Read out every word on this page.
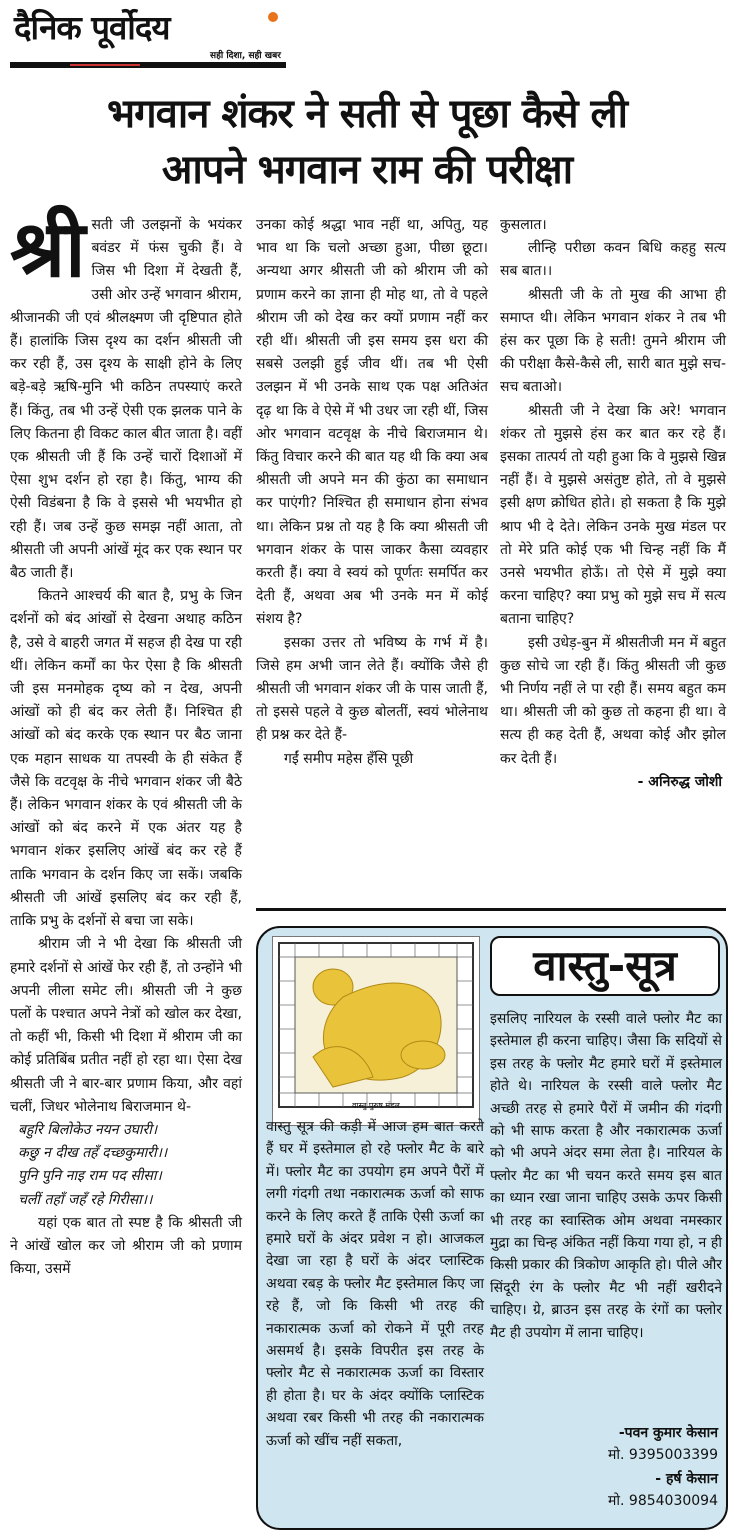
दैनिक पूर्वोदय
सही दिशा, सही खबर
भगवान शंकर ने सती से पूछा कैसे ली
आपने भगवान राम की परीक्षा
श्री सती जी उलझनों के भयंकर बवंडर में फंस चुकी हैं। वे जिस भी दिशा में देखती हैं, उसी ओर उन्हें भगवान श्रीराम, श्रीजानकी जी एवं श्रीलक्ष्मण जी दृष्टिपात होते हैं। हालांकि जिस दृश्य का दर्शन श्रीसती जी कर रही हैं, उस दृश्य के साक्षी होने के लिए बड़े-बड़े ऋषि-मुनि भी कठिन तपस्याएं करते हैं। किंतु, तब भी उन्हें ऐसी एक झलक पाने के लिए कितना ही विकट काल बीत जाता है। वहीं एक श्रीसती जी हैं कि उन्हें चारों दिशाओं में ऐसा शुभ दर्शन हो रहा है। किंतु, भाग्य की ऐसी विडंबना है कि वे इससे भी भयभीत हो रही हैं। जब उन्हें कुछ समझ नहीं आता, तो श्रीसती जी अपनी आंखें मूंद कर एक स्थान पर बैठ जाती हैं।

कितने आश्चर्य की बात है, प्रभु के जिन दर्शनों को बंद आंखों से देखना अथाह कठिन है, उसे वे बाहरी जगत में सहज ही देख पा रही थीं। लेकिन कर्मों का फेर ऐसा है कि श्रीसती जी इस मनमोहक दृष्य को न देख, अपनी आंखों को ही बंद कर लेती हैं। निश्चित ही आंखों को बंद करके एक स्थान पर बैठ जाना एक महान साधक या तपस्वी के ही संकेत हैं जैसे कि वटवृक्ष के नीचे भगवान शंकर जी बैठे हैं। लेकिन भगवान शंकर के एवं श्रीसती जी के आंखों को बंद करने में एक अंतर यह है भगवान शंकर इसलिए आंखें बंद कर रहे हैं ताकि भगवान के दर्शन किए जा सकें। जबकि श्रीसती जी आंखें इसलिए बंद कर रही हैं, ताकि प्रभु के दर्शनों से बचा जा सके।

श्रीराम जी ने भी देखा कि श्रीसती जी हमारे दर्शनों से आंखें फेर रही हैं, तो उन्होंने भी अपनी लीला समेट ली। श्रीसती जी ने कुछ पलों के पश्चात अपने नेत्रों को खोल कर देखा, तो कहीं भी, किसी भी दिशा में श्रीराम जी का कोई प्रतिबिंब प्रतीत नहीं हो रहा था। ऐसा देख श्रीसती जी ने बार-बार प्रणाम किया, और वहां चलीं, जिधर भोलेनाथ बिराजमान थे-

बहुरि बिलोकेउ नयन उघारी।

कछु न दीख तहँ दच्छकुमारी।।

पुनि पुनि नाइ राम पद सीसा।

चलीं तहाँ जहँ रहे गिरीसा।।

यहां एक बात तो स्पष्ट है कि श्रीसती जी ने आंखें खोल कर जो श्रीराम जी को प्रणाम किया, उसमें

उनका कोई श्रद्धा भाव नहीं था, अपितु, यह भाव था कि चलो अच्छा हुआ, पीछा छूटा। अन्यथा अगर श्रीसती जी को श्रीराम जी को प्रणाम करने का ज्ञाना ही मोह था, तो वे पहले श्रीराम जी को देख कर क्यों प्रणाम नहीं कर रही थीं। श्रीसती जी इस समय इस धरा की सबसे उलझी हुई जीव थीं। तब भी ऐसी उलझन में भी उनके साथ एक पक्ष अतिअंत दृढ़ था कि वे ऐसे में भी उधर जा रही थीं, जिस ओर भगवान वटवृक्ष के नीचे बिराजमान थे। किंतु विचार करने की बात यह थी कि क्या अब श्रीसती जी अपने मन की कुंठा का समाधान कर पाएंगी? निश्चित ही समाधान होना संभव था। लेकिन प्रश्न तो यह है कि क्या श्रीसती जी भगवान शंकर के पास जाकर कैसा व्यवहार करती हैं। क्या वे स्वयं को पूर्णतः समर्पित कर देती हैं, अथवा अब भी उनके मन में कोई संशय है?

इसका उत्तर तो भविष्य के गर्भ में है। जिसे हम अभी जान लेते हैं। क्योंकि जैसे ही श्रीसती जी भगवान शंकर जी के पास जाती हैं, तो इससे पहले वे कुछ बोलतीं, स्वयं भोलेनाथ ही प्रश्न कर देते हैं-

गईं समीप महेस हँसि पूछी

कुसलात।

लीन्हि परीछा कवन बिधि कहहु सत्य सब बात।।

श्रीसती जी के तो मुख की आभा ही समाप्त थी। लेकिन भगवान शंकर ने तब भी हंस कर पूछा कि हे सती! तुमने श्रीराम जी की परीक्षा कैसे-कैसे ली, सारी बात मुझे सच-सच बताओ।

श्रीसती जी ने देखा कि अरे! भगवान शंकर तो मुझसे हंस कर बात कर रहे हैं। इसका तात्पर्य तो यही हुआ कि वे मुझसे खिन्न नहीं हैं। वे मुझसे असंतुष्ट होते, तो वे मुझसे इसी क्षण क्रोधित होते। हो सकता है कि मुझे श्राप भी दे देते। लेकिन उनके मुख मंडल पर तो मेरे प्रति कोई एक भी चिन्ह नहीं कि मैं उनसे भयभीत होऊँ। तो ऐसे में मुझे क्या करना चाहिए? क्या प्रभु को मुझे सच में सत्य बताना चाहिए?

इसी उधेड़-बुन में श्रीसतीजी मन में बहुत कुछ सोचे जा रही हैं। किंतु श्रीसती जी कुछ भी निर्णय नहीं ले पा रही हैं। समय बहुत कम था। श्रीसती जी को कुछ तो कहना ही था। वे सत्य ही कह देती हैं, अथवा कोई और झोल कर देती हैं।

- अनिरुद्ध जोशी

वास्तु पुरुष मंडल
वास्तु-सूत्र
वास्तु सूत्र की कड़ी में आज हम बात करते हैं घर में इस्तेमाल हो रहे फ्लोर मैट के बारे में। फ्लोर मैट का उपयोग हम अपने पैरों में लगी गंदगी तथा नकारात्मक ऊर्जा को साफ करने के लिए करते हैं ताकि ऐसी ऊर्जा का हमारे घरों के अंदर प्रवेश न हो। आजकल देखा जा रहा है घरों के अंदर प्लास्टिक अथवा रबड़ के फ्लोर मैट इस्तेमाल किए जा रहे हैं, जो कि किसी भी तरह की नकारात्मक ऊर्जा को रोकने में पूरी तरह असमर्थ है। इसके विपरीत इस तरह के फ्लोर मैट से नकारात्मक ऊर्जा का विस्तार ही होता है। घर के अंदर क्योंकि प्लास्टिक अथवा रबर किसी भी तरह की नकारात्मक ऊर्जा को खींच नहीं सकता,
इसलिए नारियल के रस्सी वाले फ्लोर मैट का इस्तेमाल ही करना चाहिए। जैसा कि सदियों से इस तरह के फ्लोर मैट हमारे घरों में इस्तेमाल होते थे। नारियल के रस्सी वाले फ्लोर मैट अच्छी तरह से हमारे पैरों में जमीन की गंदगी को भी साफ करता है और नकारात्मक ऊर्जा को भी अपने अंदर समा लेता है। नारियल के फ्लोर मैट का भी चयन करते समय इस बात का ध्यान रखा जाना चाहिए उसके ऊपर किसी भी तरह का स्वास्तिक ओम अथवा नमस्कार मुद्रा का चिन्ह अंकित नहीं किया गया हो, न ही किसी प्रकार की त्रिकोण आकृति हो। पीले और सिंदूरी रंग के फ्लोर मैट भी नहीं खरीदने चाहिए। ग्रे, ब्राउन इस तरह के रंगों का फ्लोर मैट ही उपयोग में लाना चाहिए।
-पवन कुमार केसान
मो. 9395003399
- हर्ष केसान
मो. 9854030094
